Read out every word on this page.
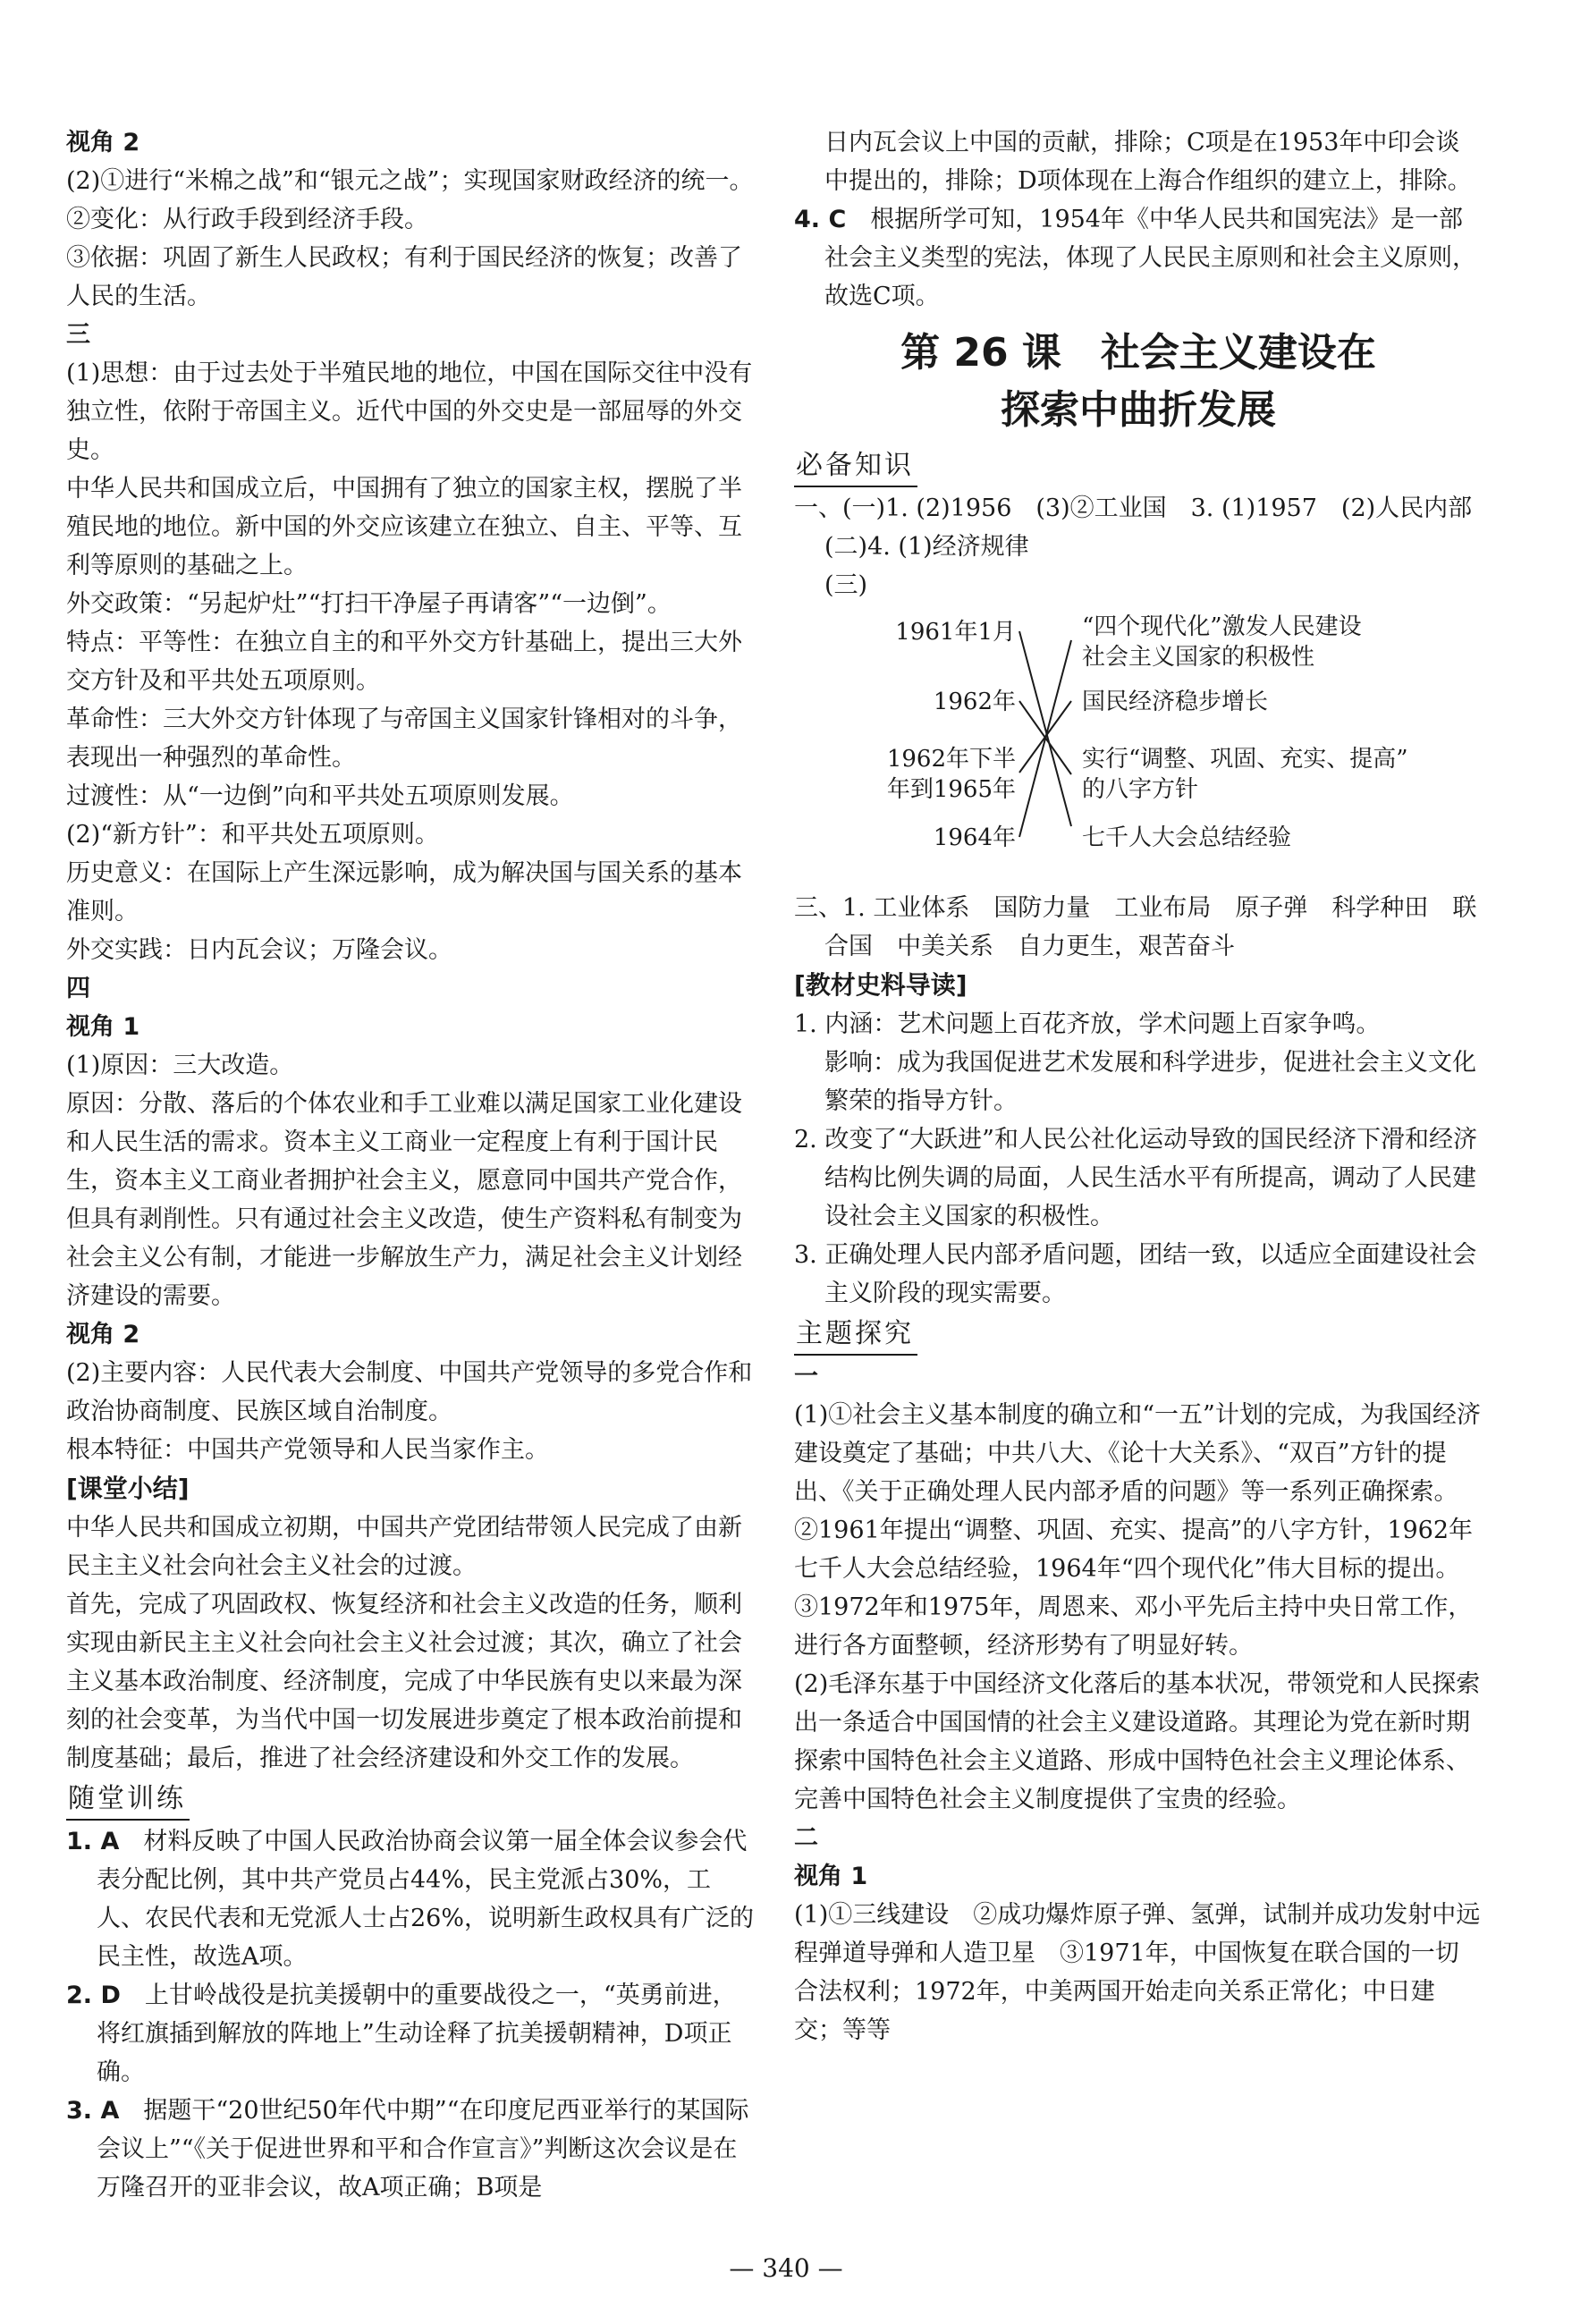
视角 2

(2)①进行“米棉之战”和“银元之战”；实现国家财政经济的统一。

②变化：从行政手段到经济手段。

③依据：巩固了新生人民政权；有利于国民经济的恢复；改善了人民的生活。

三

(1)思想：由于过去处于半殖民地的地位，中国在国际交往中没有独立性，依附于帝国主义。近代中国的外交史是一部屈辱的外交史。

中华人民共和国成立后，中国拥有了独立的国家主权，摆脱了半殖民地的地位。新中国的外交应该建立在独立、自主、平等、互利等原则的基础之上。

外交政策：“另起炉灶”“打扫干净屋子再请客”“一边倒”。

特点：平等性：在独立自主的和平外交方针基础上，提出三大外交方针及和平共处五项原则。

革命性：三大外交方针体现了与帝国主义国家针锋相对的斗争，表现出一种强烈的革命性。

过渡性：从“一边倒”向和平共处五项原则发展。

(2)“新方针”：和平共处五项原则。

历史意义：在国际上产生深远影响，成为解决国与国关系的基本准则。

外交实践：日内瓦会议；万隆会议。

四

视角 1

(1)原因：三大改造。

原因：分散、落后的个体农业和手工业难以满足国家工业化建设和人民生活的需求。资本主义工商业一定程度上有利于国计民生，资本主义工商业者拥护社会主义，愿意同中国共产党合作，但具有剥削性。只有通过社会主义改造，使生产资料私有制变为社会主义公有制，才能进一步解放生产力，满足社会主义计划经济建设的需要。

视角 2

(2)主要内容：人民代表大会制度、中国共产党领导的多党合作和政治协商制度、民族区域自治制度。

根本特征：中国共产党领导和人民当家作主。

[课堂小结]

中华人民共和国成立初期，中国共产党团结带领人民完成了由新民主主义社会向社会主义社会的过渡。

首先，完成了巩固政权、恢复经济和社会主义改造的任务，顺利实现由新民主主义社会向社会主义社会过渡；其次，确立了社会主义基本政治制度、经济制度，完成了中华民族有史以来最为深刻的社会变革，为当代中国一切发展进步奠定了根本政治前提和制度基础；最后，推进了社会经济建设和外交工作的发展。

随堂训练

1. A　 材料反映了中国人民政治协商会议第一届全体会议参会代表分配比例，其中共产党员占44%，民主党派占30%，工人、农民代表和无党派人士占26%，说明新生政权具有广泛的民主性，故选A项。

2. D　 上甘岭战役是抗美援朝中的重要战役之一，“英勇前进，将红旗插到解放的阵地上”生动诠释了抗美援朝精神，D项正确。

3. A　 据题干“20世纪50年代中期”“在印度尼西亚举行的某国际会议上”“《关于促进世界和平和合作宣言》”判断这次会议是在万隆召开的亚非会议，故A项正确；B项是

日内瓦会议上中国的贡献，排除；C项是在1953年中印会谈中提出的，排除；D项体现在上海合作组织的建立上，排除。

4. C　 根据所学可知，1954年《中华人民共和国宪法》是一部社会主义类型的宪法，体现了人民民主原则和社会主义原则，故选C项。

第 26 课　社会主义建设在
探索中曲折发展
必备知识

一、(一)1. (2)1956　(3)②工业国　3. (1)1957　(2)人民内部　(二)4. (1)经济规律

(三)

1961年1月
1962年
1962年下半
年到1965年
1964年
“四个现代化”激发人民建设
社会主义国家的积极性
国民经济稳步增长
实行“调整、巩固、充实、提高”
的八字方针
七千人大会总结经验

三、1. 工业体系　国防力量　工业布局　原子弹　科学种田　联合国　中美关系　自力更生，艰苦奋斗

[教材史料导读]

1. 内涵：艺术问题上百花齐放，学术问题上百家争鸣。

影响：成为我国促进艺术发展和科学进步，促进社会主义文化繁荣的指导方针。

2. 改变了“大跃进”和人民公社化运动导致的国民经济下滑和经济结构比例失调的局面，人民生活水平有所提高，调动了人民建设社会主义国家的积极性。

3. 正确处理人民内部矛盾问题，团结一致，以适应全面建设社会主义阶段的现实需要。

主题探究

一

(1)①社会主义基本制度的确立和“一五”计划的完成，为我国经济建设奠定了基础；中共八大、《论十大关系》、“双百”方针的提出、《关于正确处理人民内部矛盾的问题》等一系列正确探索。

②1961年提出“调整、巩固、充实、提高”的八字方针，1962年七千人大会总结经验，1964年“四个现代化”伟大目标的提出。

③1972年和1975年，周恩来、邓小平先后主持中央日常工作，进行各方面整顿，经济形势有了明显好转。

(2)毛泽东基于中国经济文化落后的基本状况，带领党和人民探索出一条适合中国国情的社会主义建设道路。其理论为党在新时期探索中国特色社会主义道路、形成中国特色社会主义理论体系、完善中国特色社会主义制度提供了宝贵的经验。

二

视角 1

(1)①三线建设　②成功爆炸原子弹、氢弹，试制并成功发射中远程弹道导弹和人造卫星　③1971年，中国恢复在联合国的一切合法权利；1972年，中美两国开始走向关系正常化；中日建交；等等

— 340 —
